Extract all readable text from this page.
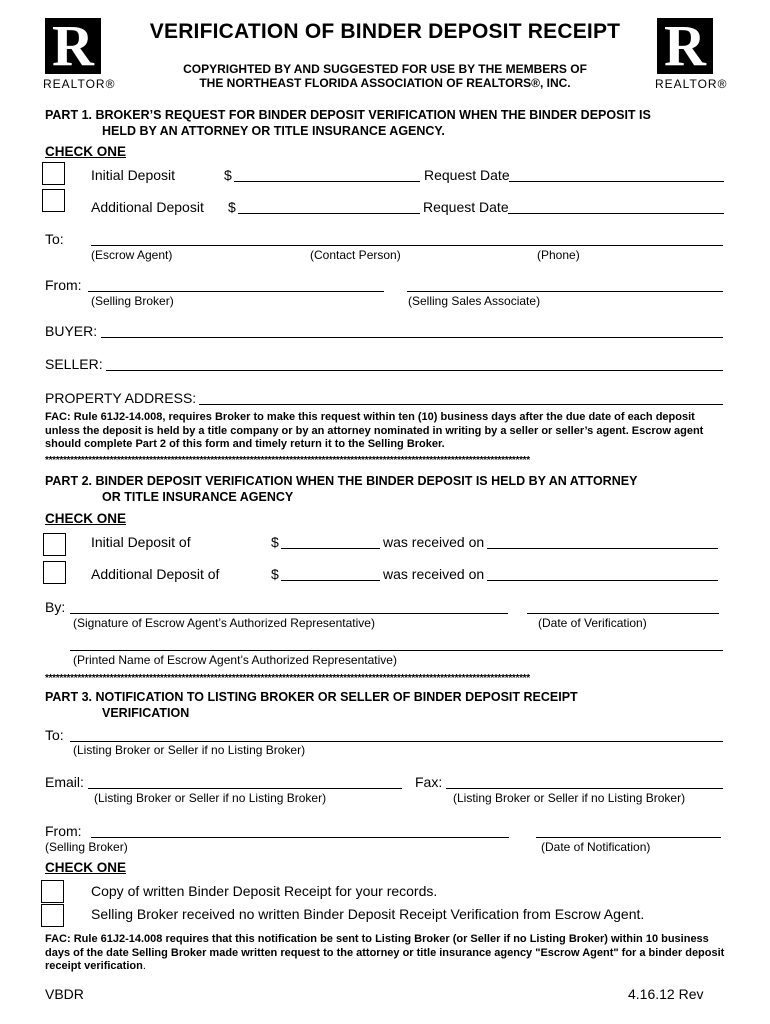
R
REALTOR®
R
REALTOR®
VERIFICATION OF BINDER DEPOSIT RECEIPT
COPYRIGHTED BY AND SUGGESTED FOR USE BY THE MEMBERS OF
THE NORTHEAST FLORIDA ASSOCIATION OF REALTORS®, INC.
PART 1. BROKER’S REQUEST FOR BINDER DEPOSIT VERIFICATION WHEN THE BINDER DEPOSIT IS
HELD BY AN ATTORNEY OR TITLE INSURANCE AGENCY.
CHECK ONE
Initial Deposit	$	Request Date
Additional Deposit $	Request Date
To:
(Escrow Agent)	(Contact Person)	(Phone)
From:
(Selling Broker)	(Selling Sales Associate)
BUYER:
SELLER:
PROPERTY ADDRESS:
FAC: Rule 61J2-14.008, requires Broker to make this request within ten (10) business days after the due date of each deposit unless the deposit is held by a title company or by an attorney nominated in writing by a seller or seller’s agent. Escrow agent should complete Part 2 of this form and timely return it to the Selling Broker.
***************************************************************************************************************************************
PART 2. BINDER DEPOSIT VERIFICATION WHEN THE BINDER DEPOSIT IS HELD BY AN ATTORNEY
OR TITLE INSURANCE AGENCY
CHECK ONE
Initial Deposit of	$	was received on
Additional Deposit of	$	was received on
By:
(Signature of Escrow Agent’s Authorized Representative)	(Date of Verification)
(Printed Name of Escrow Agent’s Authorized Representative)
***************************************************************************************************************************************
PART 3. NOTIFICATION TO LISTING BROKER OR SELLER OF BINDER DEPOSIT RECEIPT
VERIFICATION
To:
(Listing Broker or Seller if no Listing Broker)
Email:	Fax:
(Listing Broker or Seller if no Listing Broker)	(Listing Broker or Seller if no Listing Broker)
From:
(Selling Broker)	(Date of Notification)
CHECK ONE
Copy of written Binder Deposit Receipt for your records.
Selling Broker received no written Binder Deposit Receipt Verification from Escrow Agent.
FAC: Rule 61J2-14.008 requires that this notification be sent to Listing Broker (or Seller if no Listing Broker) within 10 business days of the date Selling Broker made written request to the attorney or title insurance agency "Escrow Agent" for a binder deposit receipt verification.
VBDR	4.16.12 Rev
